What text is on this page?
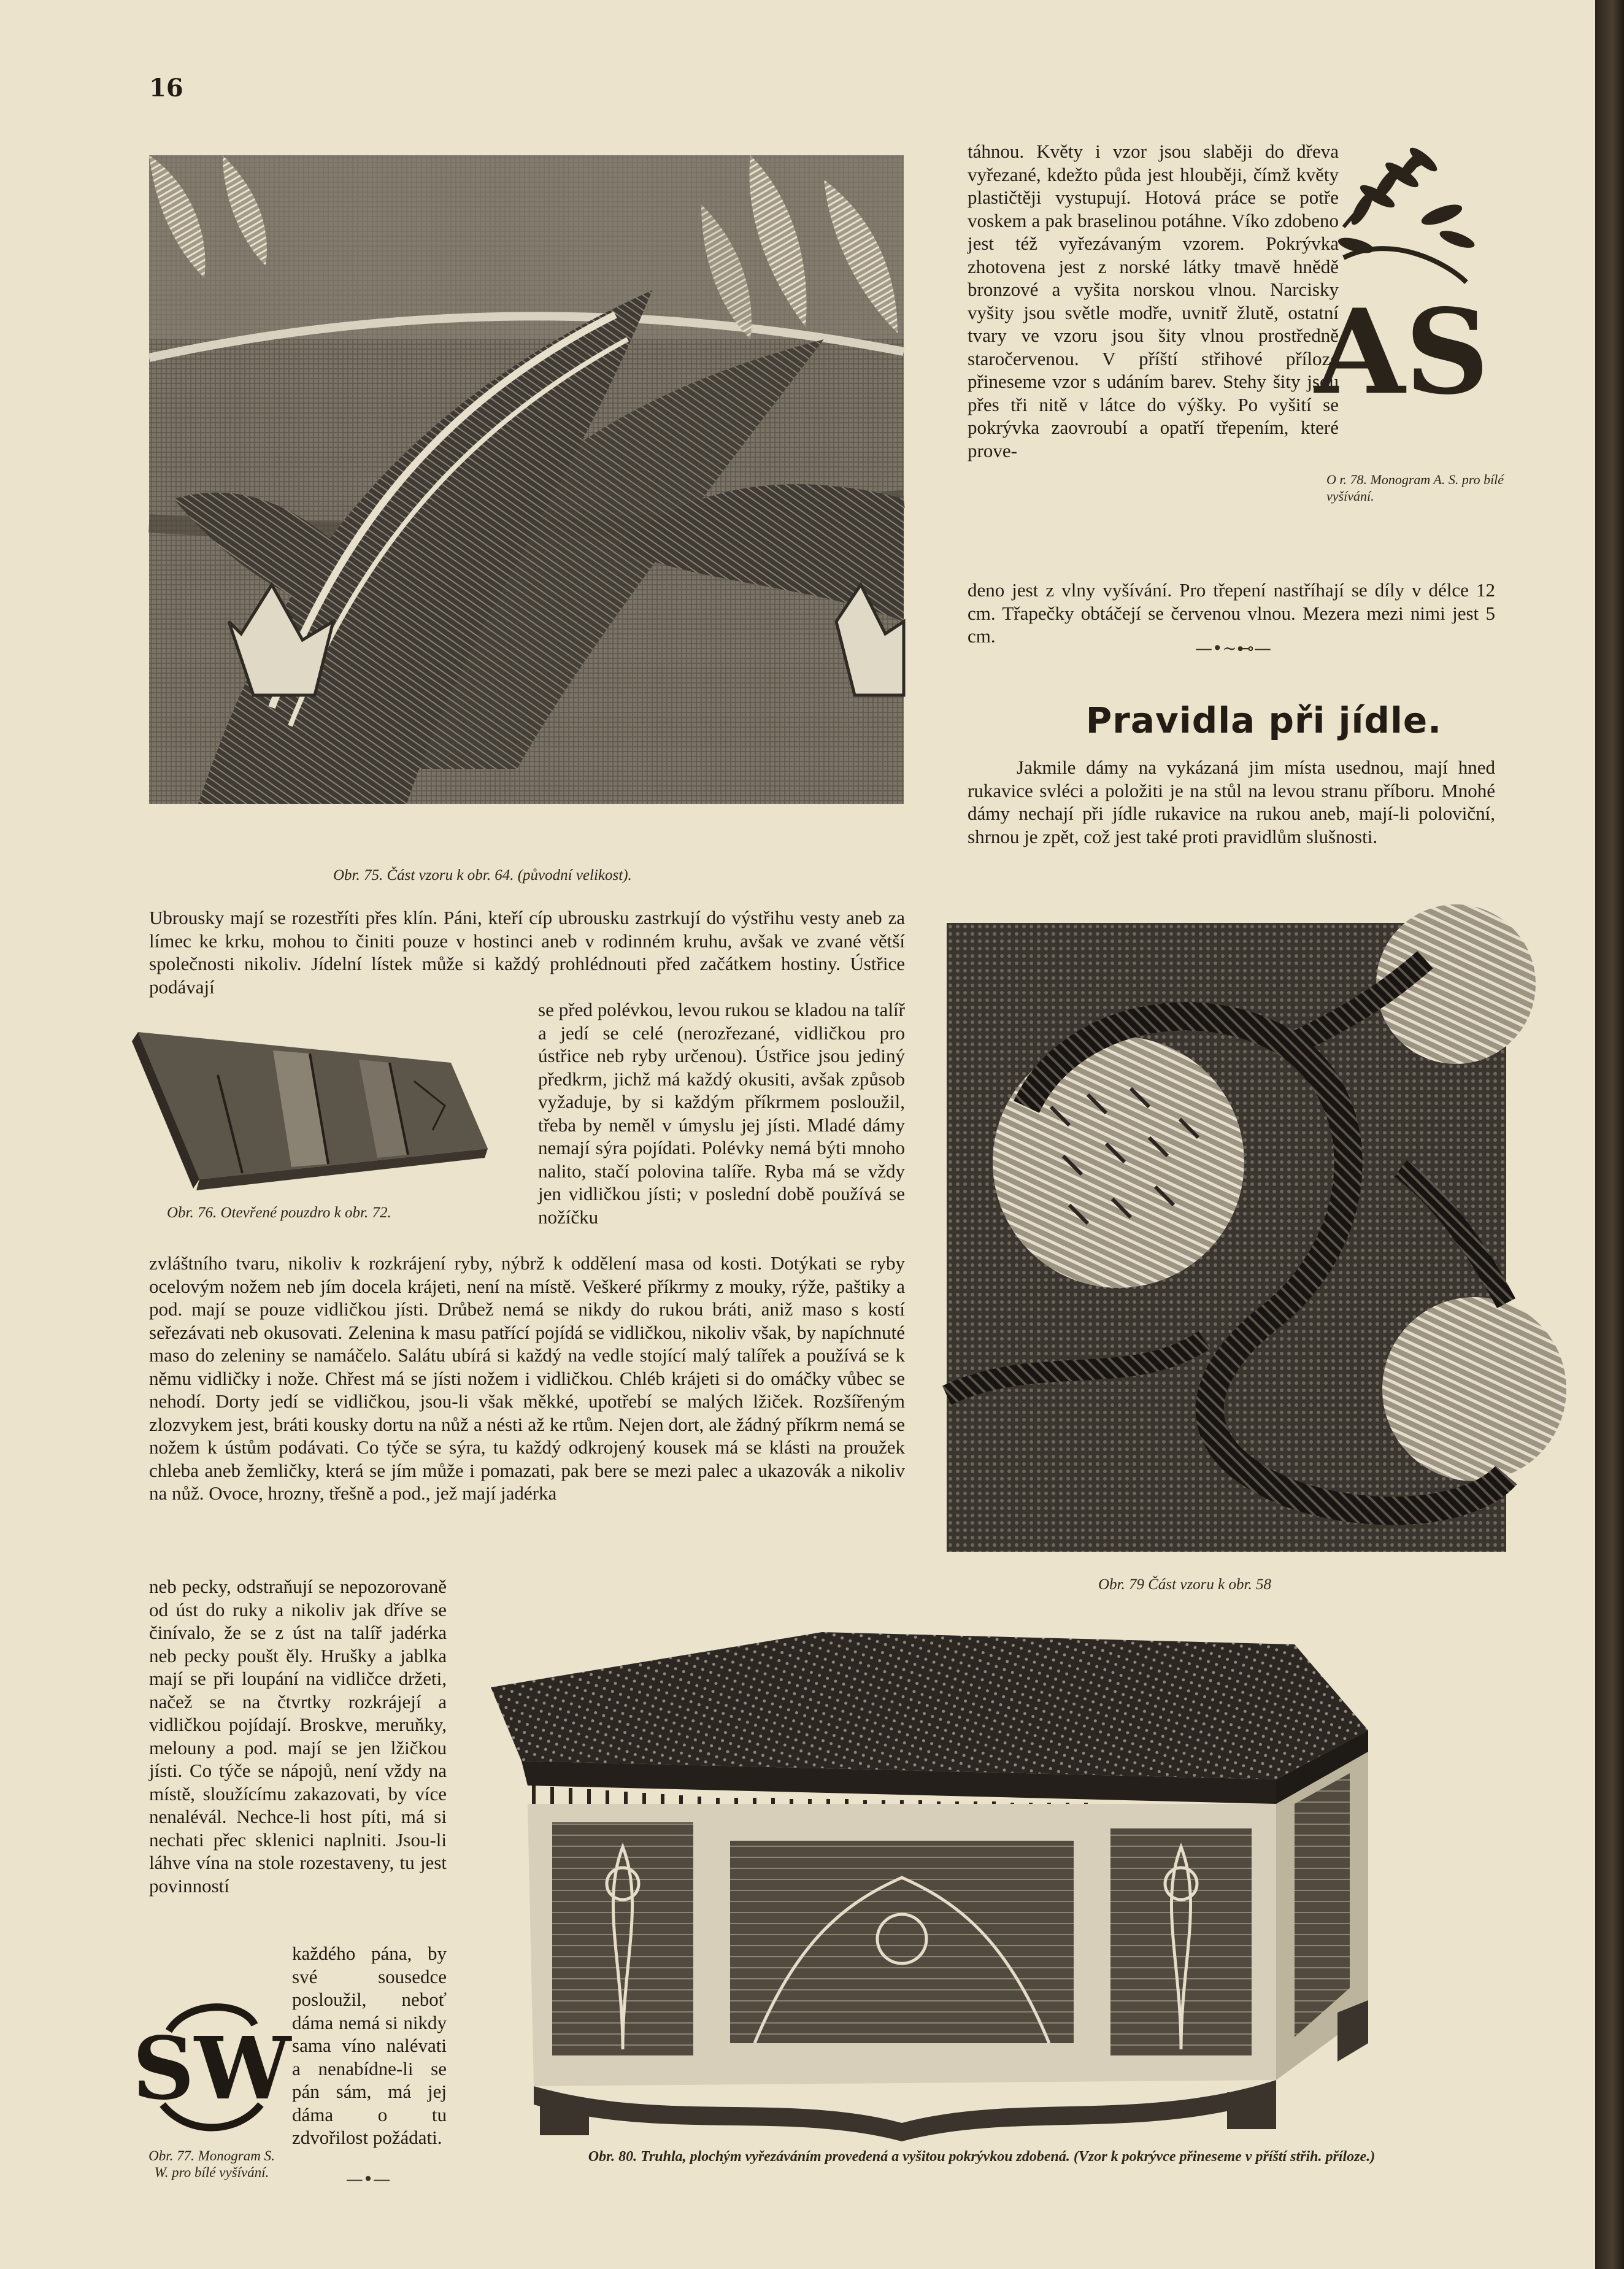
16

Obr. 75. Část vzoru k obr. 64. (původní velikost).

táhnou. Květy i vzor jsou slaběji do dřeva vyřezané, kdežto půda jest hlouběji, čímž květy plastičtěji vystupují. Hotová práce se potře voskem a pak braselinou potáhne. Víko zdobeno jest též vyřezávaným vzorem. Pokrývka zhotovena jest z norské látky tmavě hnědě bronzové a vyšita norskou vlnou. Narcisky vyšity jsou světle modře, uvnitř žlutě, ostatní tvary ve vzoru jsou šity vlnou prostředně staročervenou. V příští střihové příloze přineseme vzor s udáním barev. Stehy šity jsou přes tři nitě v látce do výšky. Po vyšití se pokrývka zaovroubí a opatří třepením, které prove-
AS

O r. 78. Monogram A. S. pro bílé vyšívání.

deno jest z vlny vyšívání. Pro třepení nastříhají se díly v délce 12 cm. Třapečky obtáčejí se červenou vlnou. Mezera mezi nimi jest 5 cm.
—•~⊷—
Pravidla při jídle.
Jakmile dámy na vykázaná jim místa usednou, mají hned rukavice svléci a položiti je na stůl na levou stranu příboru. Mnohé dámy nechají při jídle rukavice na rukou aneb, mají-li poloviční, shrnou je zpět, což jest také proti pravidlům slušnosti.

Obr. 79 Část vzoru k obr. 58

Ubrousky mají se rozestříti přes klín. Páni, kteří cíp ubrousku zastrkují do výstřihu vesty aneb za límec ke krku, mohou to činiti pouze v hostinci aneb v rodinném kruhu, avšak ve zvané větší společnosti nikoliv. Jídelní lístek může si každý prohlédnouti před začátkem hostiny. Ústřice podávají

Obr. 76. Otevřené pouzdro k obr. 72.

se před polévkou, levou rukou se kladou na talíř a jedí se celé (nerozřezané, vidličkou pro ústřice neb ryby určenou). Ústřice jsou jediný předkrm, jichž má každý okusiti, avšak způsob vyžaduje, by si každým příkrmem posloužil, třeba by neměl v úmyslu jej jísti. Mladé dámy nemají sýra pojídati. Polévky nemá býti mnoho nalito, stačí polovina talíře. Ryba má se vždy jen vidličkou jísti; v poslední době používá se nožíčku
zvláštního tvaru, nikoliv k rozkrájení ryby, nýbrž k oddělení masa od kosti. Dotýkati se ryby ocelovým nožem neb jím docela krájeti, není na místě. Veškeré příkrmy z mouky, rýže, paštiky a pod. mají se pouze vidličkou jísti. Drůbež nemá se nikdy do rukou bráti, aniž maso s kostí seřezávati neb okusovati. Zelenina k masu patřící pojídá se vidličkou, nikoliv však, by napíchnuté maso do zeleniny se namáčelo. Salátu ubírá si každý na vedle stojící malý talířek a používá se k němu vidličky i nože. Chřest má se jísti nožem i vidličkou. Chléb krájeti si do omáčky vůbec se nehodí. Dorty jedí se vidličkou, jsou-li však měkké, upotřebí se malých lžiček. Rozšířeným zlozvykem jest, bráti kousky dortu na nůž a nésti až ke rtům. Nejen dort, ale žádný příkrm nemá se nožem k ústům podávati. Co týče se sýra, tu každý odkrojený kousek má se klásti na proužek chleba aneb žemličky, která se jím může i pomazati, pak bere se mezi palec a ukazovák a nikoliv na nůž. Ovoce, hrozny, třešně a pod., jež mají jadérka
neb pecky, odstraňují se nepozorovaně od úst do ruky a nikoliv jak dříve se činívalo, že se z úst na talíř jadérka neb pecky poušt ěly. Hrušky a jablka mají se při loupání na vidličce držeti, načež se na čtvrtky rozkrájejí a vidličkou pojídají. Broskve, meruňky, melouny a pod. mají se jen lžičkou jísti. Co týče se nápojů, není vždy na místě, sloužícímu zakazovati, by více nenalévál. Nechce-li host píti, má si nechati přec sklenici naplniti. Jsou-li láhve vína na stole rozestaveny, tu jest povinností
SW

Obr. 77. Monogram S. W. pro bílé vyšívání.

každého pána, by své sousedce posloužil, neboť dáma nemá si nikdy sama víno nalévati a nenabídne-li se pán sám, má jej dáma o tu zdvořilost požádati.
—•—

Obr. 80. Truhla, plochým vyřezáváním provedená a vyšitou pokrývkou zdobená. (Vzor k pokrývce přineseme v příští střih. příloze.)
